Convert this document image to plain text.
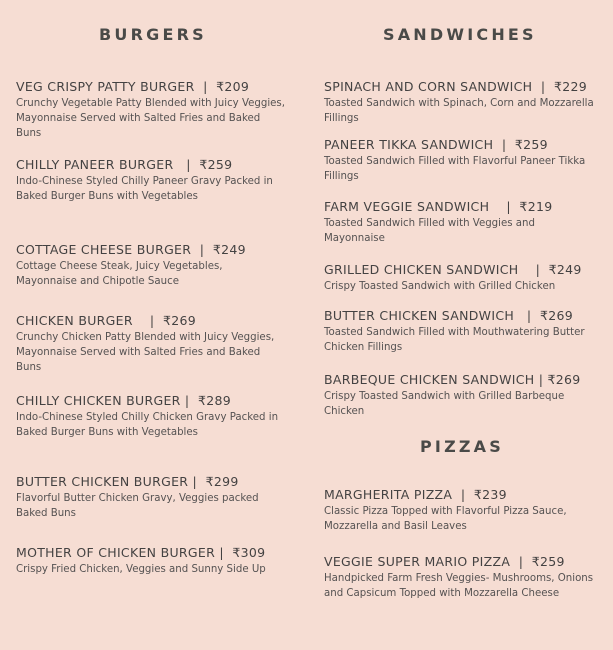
BURGERS	SANDWICHES
PIZZAS

VEG CRISPY PATTY BURGER  |  ₹209

Crunchy Vegetable Patty Blended with Juicy Veggies, Mayonnaise Served with Salted Fries and Baked Buns

CHILLY PANEER BURGER   |  ₹259

Indo-Chinese Styled Chilly Paneer Gravy Packed in Baked Burger Buns with Vegetables

COTTAGE CHEESE BURGER  |  ₹249

Cottage Cheese Steak, Juicy Vegetables, Mayonnaise and Chipotle Sauce

CHICKEN BURGER    |  ₹269

Crunchy Chicken Patty Blended with Juicy Veggies, Mayonnaise Served with Salted Fries and Baked Buns

CHILLY CHICKEN BURGER |  ₹289

Indo-Chinese Styled Chilly Chicken Gravy Packed in Baked Burger Buns with Vegetables

BUTTER CHICKEN BURGER |  ₹299

Flavorful Butter Chicken Gravy, Veggies packed Baked Buns

MOTHER OF CHICKEN BURGER |  ₹309

Crispy Fried Chicken, Veggies and Sunny Side Up

SPINACH AND CORN SANDWICH  |  ₹229

Toasted Sandwich with Spinach, Corn and Mozzarella Fillings

PANEER TIKKA SANDWICH  |  ₹259

Toasted Sandwich Filled with Flavorful Paneer Tikka Fillings

FARM VEGGIE SANDWICH    |  ₹219

Toasted Sandwich Filled with Veggies and Mayonnaise

GRILLED CHICKEN SANDWICH    |  ₹249

Crispy Toasted Sandwich with Grilled Chicken

BUTTER CHICKEN SANDWICH   |  ₹269

Toasted Sandwich Filled with Mouthwatering Butter Chicken Fillings

BARBEQUE CHICKEN SANDWICH | ₹269

Crispy Toasted Sandwich with Grilled Barbeque Chicken

MARGHERITA PIZZA  |  ₹239

Classic Pizza Topped with Flavorful Pizza Sauce, Mozzarella and Basil Leaves

VEGGIE SUPER MARIO PIZZA  |  ₹259

Handpicked Farm Fresh Veggies- Mushrooms, Onions and Capsicum Topped with Mozzarella Cheese
